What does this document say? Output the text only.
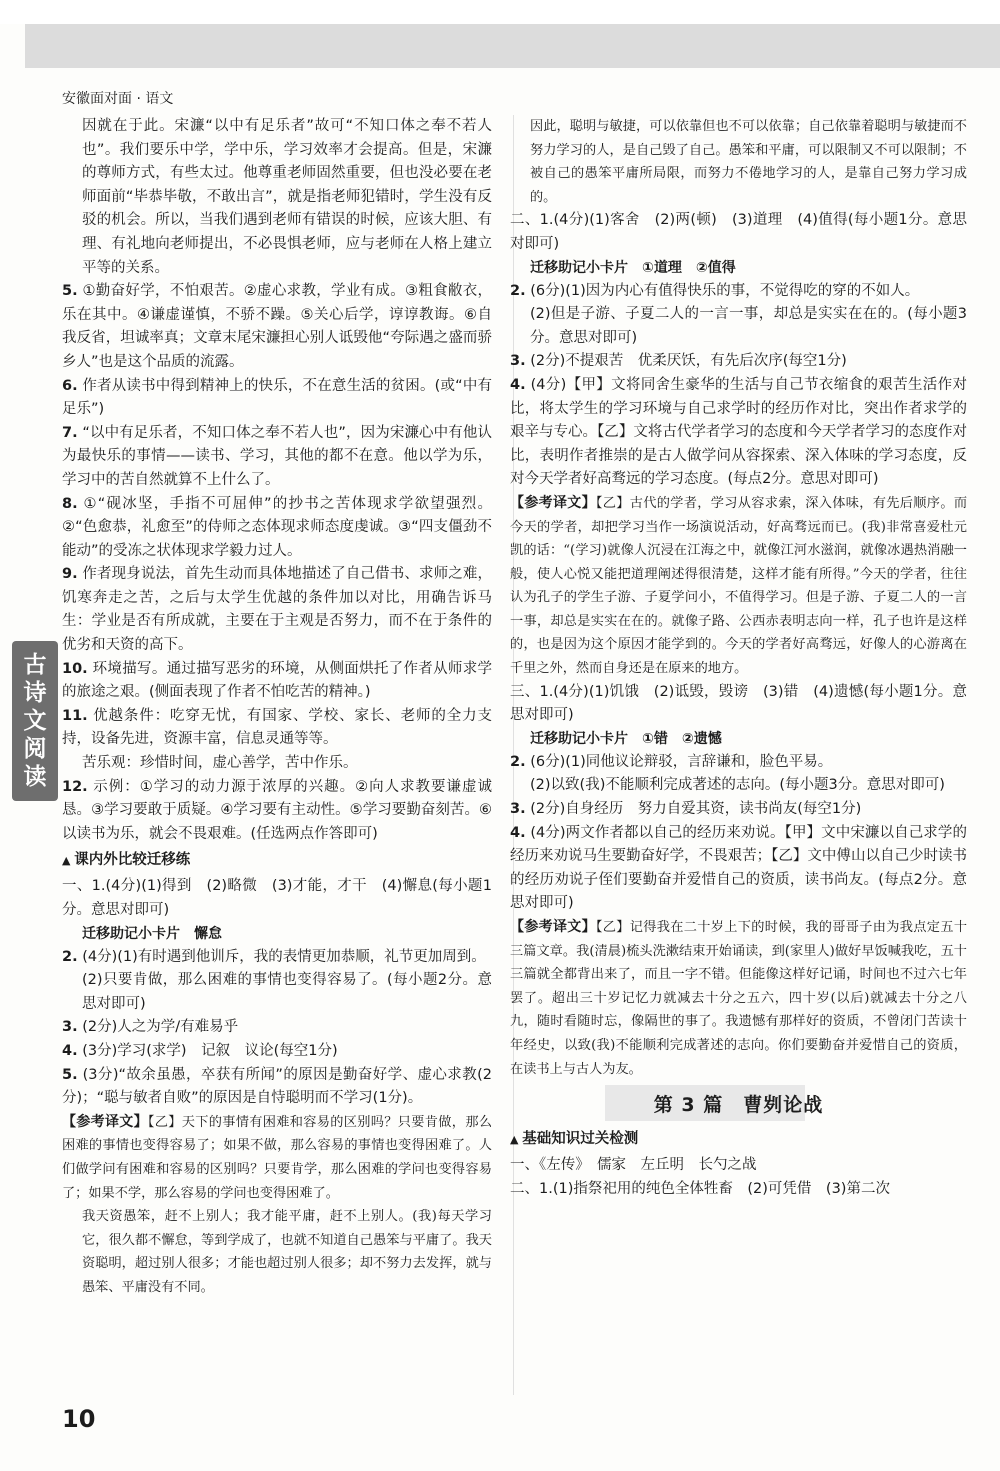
安徽面对面 · 语文
古
诗
文
阅
读

因就在于此。宋濂“以中有足乐者”故可“不知口体之奉不若人也”。我们要乐中学，学中乐，学习效率才会提高。但是，宋濂的尊师方式，有些太过。他尊重老师固然重要，但也没必要在老师面前“毕恭毕敬，不敢出言”，就是指老师犯错时，学生没有反驳的机会。所以，当我们遇到老师有错误的时候，应该大胆、有理、有礼地向老师提出，不必畏惧老师，应与老师在人格上建立平等的关系。

5. ①勤奋好学，不怕艰苦。②虚心求教，学业有成。③粗食敝衣，乐在其中。④谦虚谨慎，不骄不躁。⑤关心后学，谆谆教诲。⑥自我反省，坦诚率真；文章末尾宋濂担心别人诋毁他“夸际遇之盛而骄乡人”也是这个品质的流露。

6. 作者从读书中得到精神上的快乐，不在意生活的贫困。(或“中有足乐”)

7. “以中有足乐者，不知口体之奉不若人也”，因为宋濂心中有他认为最快乐的事情——读书、学习，其他的都不在意。他以学为乐，学习中的苦自然就算不上什么了。

8. ①“砚冰坚，手指不可屈伸”的抄书之苦体现求学欲望强烈。②“色愈恭，礼愈至”的侍师之态体现求师态度虔诚。③“四支僵劲不能动”的受冻之状体现求学毅力过人。

9. 作者现身说法，首先生动而具体地描述了自己借书、求师之难，饥寒奔走之苦，之后与太学生优越的条件加以对比，用确告诉马生：学业是否有所成就，主要在于主观是否努力，而不在于条件的优劣和天资的高下。

10. 环境描写。通过描写恶劣的环境，从侧面烘托了作者从师求学的旅途之艰。(侧面表现了作者不怕吃苦的精神。)

11. 优越条件：吃穿无忧，有国家、学校、家长、老师的全力支持，设备先进，资源丰富，信息灵通等等。

苦乐观：珍惜时间，虚心善学，苦中作乐。

12. 示例：①学习的动力源于浓厚的兴趣。②向人求教要谦虚诚恳。③学习要敢于质疑。④学习要有主动性。⑤学习要勤奋刻苦。⑥以读书为乐，就会不畏艰难。(任选两点作答即可)

▲ 课内外比较迁移练

一、1.(4分)(1)得到　(2)略微　(3)才能，才干　(4)懈息(每小题1分。意思对即可)

迁移助记小卡片　懈怠

2. (4分)(1)有时遇到他训斥，我的表情更加恭顺，礼节更加周到。

(2)只要肯做，那么困难的事情也变得容易了。(每小题2分。意思对即可)

3. (2分)人之为学/有难易乎

4. (3分)学习(求学)　记叙　议论(每空1分)

5. (3分)“故余虽愚，卒获有所闻”的原因是勤奋好学、虚心求教(2分)；“聪与敏者自败”的原因是自恃聪明而不学习(1分)。

【参考译文】【乙】天下的事情有困难和容易的区别吗？只要肯做，那么困难的事情也变得容易了；如果不做，那么容易的事情也变得困难了。人们做学问有困难和容易的区别吗？只要肯学，那么困难的学问也变得容易了；如果不学，那么容易的学问也变得困难了。

我天资愚笨，赶不上别人；我才能平庸，赶不上别人。(我)每天学习它，很久都不懈怠，等到学成了，也就不知道自己愚笨与平庸了。我天资聪明，超过别人很多；才能也超过别人很多；却不努力去发挥，就与愚笨、平庸没有不同。

因此，聪明与敏捷，可以依靠但也不可以依靠；自己依靠着聪明与敏捷而不努力学习的人，是自己毁了自己。愚笨和平庸，可以限制又不可以限制；不被自己的愚笨平庸所局限，而努力不倦地学习的人，是靠自己努力学习成的。

二、1.(4分)(1)客舍　(2)两(顿)　(3)道理　(4)值得(每小题1分。意思对即可)

迁移助记小卡片　①道理　②值得

2. (6分)(1)因为内心有值得快乐的事，不觉得吃的穿的不如人。

(2)但是子游、子夏二人的一言一事，却总是实实在在的。(每小题3分。意思对即可)

3. (2分)不提艰苦　优柔厌饫，有先后次序(每空1分)

4. (4分)【甲】文将同舍生豪华的生活与自己节衣缩食的艰苦生活作对比，将太学生的学习环境与自己求学时的经历作对比，突出作者求学的艰辛与专心。【乙】文将古代学者学习的态度和今天学者学习的态度作对比，表明作者推崇的是古人做学问从容探索、深入体味的学习态度，反对今天学者好高骛远的学习态度。(每点2分。意思对即可)

【参考译文】【乙】古代的学者，学习从容求索，深入体味，有先后顺序。而今天的学者，却把学习当作一场演说活动，好高骛远而已。(我)非常喜爱杜元凯的话：“(学习)就像人沉浸在江海之中，就像江河水滋润，就像冰遇热消融一般，使人心悦又能把道理阐述得很清楚，这样才能有所得。”今天的学者，往往认为孔子的学生子游、子夏学问小，不值得学习。但是子游、子夏二人的一言一事，却总是实实在在的。就像子路、公西赤表明志向一样，孔子也许是这样的，也是因为这个原因才能学到的。今天的学者好高骛远，好像人的心游离在千里之外，然而自身还是在原来的地方。

三、1.(4分)(1)饥饿　(2)诋毁，毁谤　(3)错　(4)遗憾(每小题1分。意思对即可)

迁移助记小卡片　①错　②遗憾

2. (6分)(1)同他议论辩驳，言辞谦和，脸色平易。

(2)以致(我)不能顺利完成著述的志向。(每小题3分。意思对即可)

3. (2分)自身经历　努力自爱其资，读书尚友(每空1分)

4. (4分)两文作者都以自己的经历来劝说。【甲】文中宋濂以自己求学的经历来劝说马生要勤奋好学，不畏艰苦；【乙】文中傅山以自己少时读书的经历劝说子侄们要勤奋并爱惜自己的资质，读书尚友。(每点2分。意思对即可)

【参考译文】【乙】记得我在二十岁上下的时候，我的哥哥子由为我点定五十三篇文章。我(清晨)梳头洗漱结束开始诵读，到(家里人)做好早饭喊我吃，五十三篇就全都背出来了，而且一字不错。但能像这样好记诵，时间也不过六七年罢了。超出三十岁记忆力就减去十分之五六，四十岁(以后)就减去十分之八九，随时看随时忘，像隔世的事了。我遗憾有那样好的资质，不曾闭门苦读十年经史，以致(我)不能顺利完成著述的志向。你们要勤奋并爱惜自己的资质，在读书上与古人为友。

第 3 篇　曹刿论战

▲ 基础知识过关检测

一、《左传》　儒家　左丘明　长勺之战

二、1.(1)指祭祀用的纯色全体牲畜　(2)可凭借　(3)第二次

10
